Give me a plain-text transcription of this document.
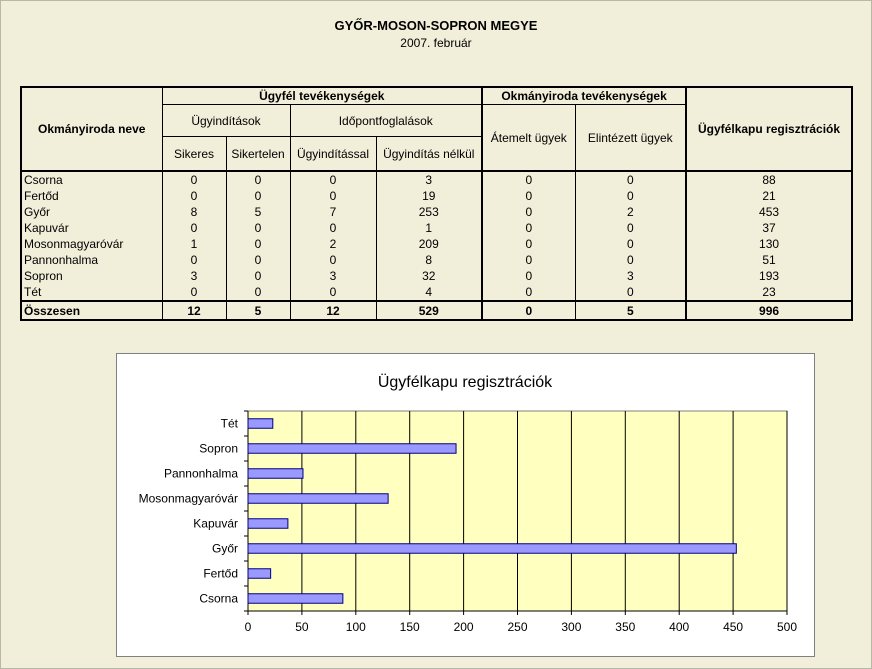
GYŐR-MOSON-SOPRON MEGYE
2007. február
Okmányiroda neve	Ügyfél tevékenységek				Okmányiroda tevékenységek		Ügyfélkapu regisztrációk
	Ügyindítások		Időpontfoglalások		Átemelt ügyek	Elintézett ügyek	
	Sikeres	Sikertelen	Ügyindítással	Ügyindítás nélkül			
Csorna	0	0	0	3	0	0	88
Fertőd	0	0	0	19	0	0	21
Győr	8	5	7	253	0	2	453
Kapuvár	0	0	0	1	0	0	37
Mosonmagyaróvár	1	0	2	209	0	0	130
Pannonhalma	0	0	0	8	0	0	51
Sopron	3	0	3	32	0	3	193
Tét	0	0	0	4	0	0	23
Összesen	12	5	12	529	0	5	996
Ügyfélkapu regisztrációk
0	50	100	150	200	250	300	350	400	450	500
Csorna
Fertőd
Győr
Kapuvár
Mosonmagyaróvár
Pannonhalma
Sopron
Tét
